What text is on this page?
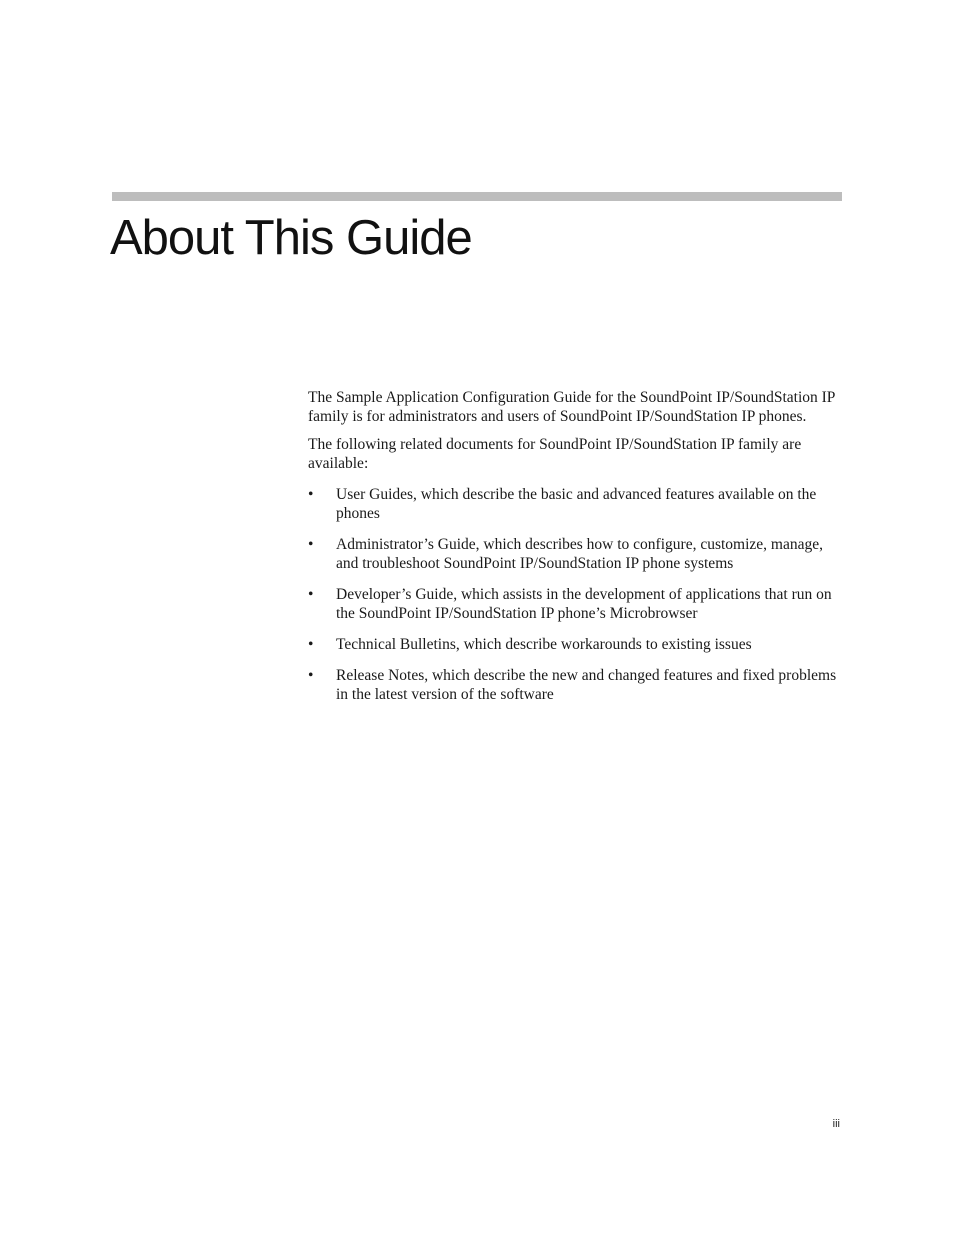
About This Guide

The Sample Application Configuration Guide for the SoundPoint IP/SoundStation IP family is for administrators and users of SoundPoint IP/SoundStation IP phones.

The following related documents for SoundPoint IP/SoundStation IP family are available:

• User Guides, which describe the basic and advanced features available on the phones
• Administrator’s Guide, which describes how to configure, customize, manage, and troubleshoot SoundPoint IP/SoundStation IP phone systems
• Developer’s Guide, which assists in the development of applications that run on the SoundPoint IP/SoundStation IP phone’s Microbrowser
• Technical Bulletins, which describe workarounds to existing issues
• Release Notes, which describe the new and changed features and fixed problems in the latest version of the software
iii
